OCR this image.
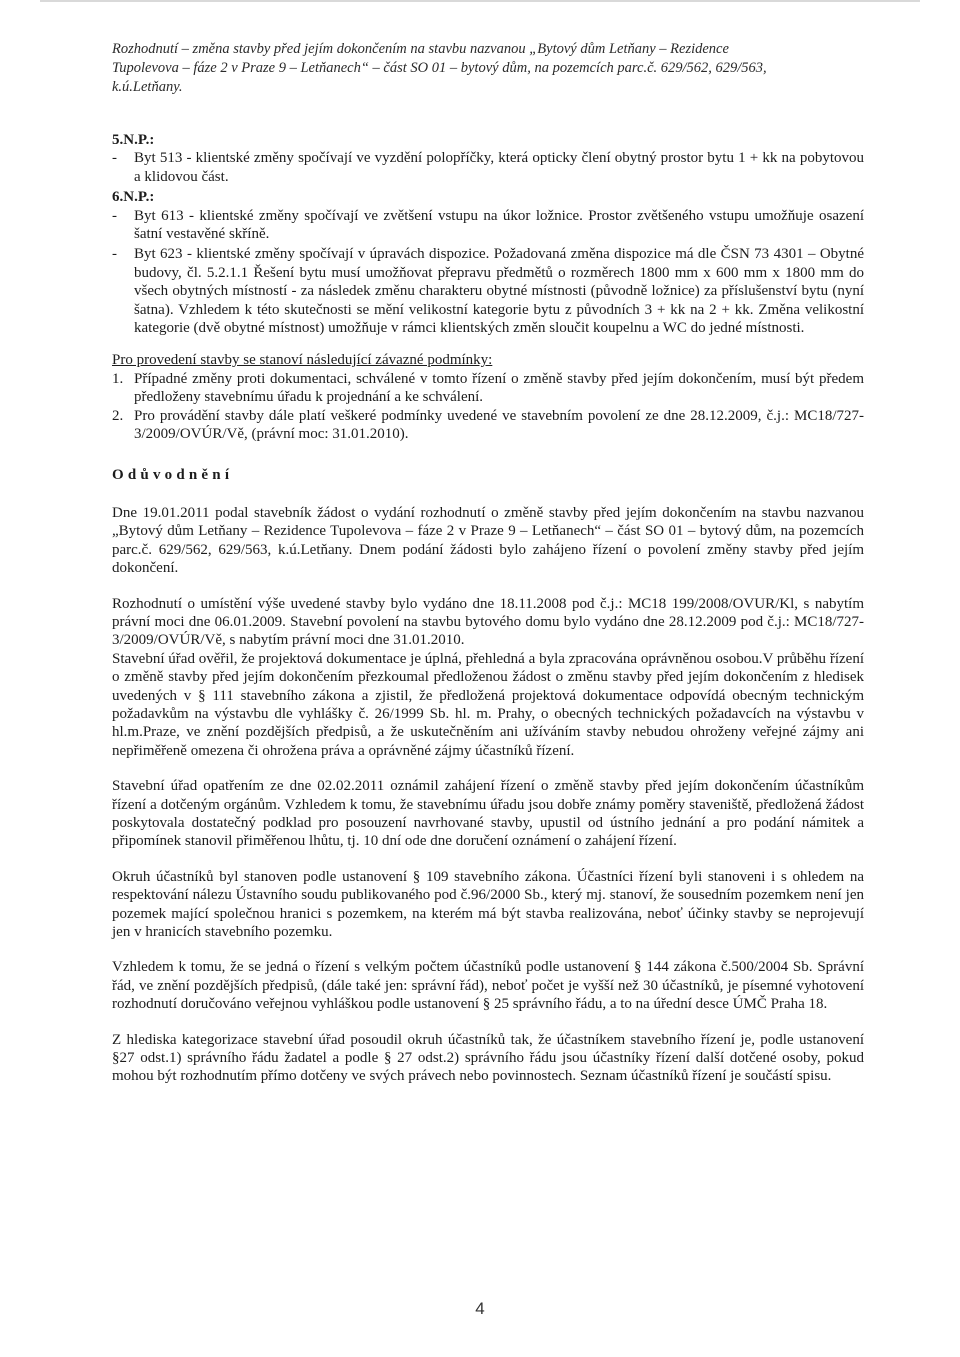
Rozhodnutí – změna stavby před jejím dokončením na stavbu nazvanou „Bytový dům Letňany – Rezidence
Tupolevova – fáze 2 v Praze 9 – Letňanech“ – část SO 01 – bytový dům, na pozemcích parc.č. 629/562, 629/563,
k.ú.Letňany.
5.N.P.:
-	Byt 513 - klientské změny spočívají ve vyzdění polopříčky, která opticky člení obytný prostor bytu 1 + kk na pobytovou a klidovou část.
6.N.P.:
-	Byt 613 - klientské změny spočívají ve zvětšení vstupu na úkor ložnice. Prostor zvětšeného vstupu umožňuje osazení šatní vestavěné skříně.
-	Byt 623 - klientské změny spočívají v úpravách dispozice. Požadovaná změna dispozice má dle ČSN 73 4301 – Obytné budovy, čl. 5.2.1.1 Řešení bytu musí umožňovat přepravu předmětů o rozměrech 1800 mm x 600 mm x 1800 mm do všech obytných místností - za následek změnu charakteru obytné místnosti (původně ložnice) za příslušenství bytu (nyní šatna). Vzhledem k této skutečnosti se mění velikostní kategorie bytu z původních 3 + kk na 2 + kk. Změna velikostní kategorie (dvě obytné místnost) umožňuje v rámci klientských změn sloučit koupelnu a WC do jedné místnosti.
Pro provedení stavby se stanoví následující závazné podmínky:
1. Případné změny proti dokumentaci, schválené v tomto řízení o změně stavby před jejím dokončením, musí být předem předloženy stavebnímu úřadu k projednání a ke schválení.
2. Pro provádění stavby dále platí veškeré podmínky uvedené ve stavebním povolení ze dne 28.12.2009, č.j.: MC18/727-3/2009/OVÚR/Vě, (právní moc: 31.01.2010).
Odůvodnění

Dne 19.01.2011 podal stavebník žádost o vydání rozhodnutí o změně stavby před jejím dokončením na stavbu nazvanou „Bytový dům Letňany – Rezidence Tupolevova – fáze 2 v Praze 9 – Letňanech“ – část SO 01 – bytový dům, na pozemcích parc.č. 629/562, 629/563, k.ú.Letňany. Dnem podání žádosti bylo zahájeno řízení o povolení změny stavby před jejím dokončení.

Rozhodnutí o umístění výše uvedené stavby bylo vydáno dne 18.11.2008 pod č.j.: MC18 199/2008/OVUR/Kl, s nabytím právní moci dne 06.01.2009. Stavební povolení na stavbu bytového domu bylo vydáno dne 28.12.2009 pod č.j.: MC18/727-3/2009/OVÚR/Vě, s nabytím právní moci dne 31.01.2010.

Stavební úřad ověřil, že projektová dokumentace je úplná, přehledná a byla zpracována oprávněnou osobou.V průběhu řízení o změně stavby před jejím dokončením přezkoumal předloženou žádost o změnu stavby před jejím dokončením z hledisek uvedených v § 111 stavebního zákona a zjistil, že předložená projektová dokumentace odpovídá obecným technickým požadavkům na výstavbu dle vyhlášky č. 26/1999 Sb. hl. m. Prahy, o obecných technických požadavcích na výstavbu v hl.m.Praze, ve znění pozdějších předpisů, a že uskutečněním ani užíváním stavby nebudou ohroženy veřejné zájmy ani nepřiměřeně omezena či ohrožena práva a oprávněné zájmy účastníků řízení.

Stavební úřad opatřením ze dne 02.02.2011 oznámil zahájení řízení o změně stavby před jejím dokončením účastníkům řízení a dotčeným orgánům. Vzhledem k tomu, že stavebnímu úřadu jsou dobře známy poměry staveniště, předložená žádost poskytovala dostatečný podklad pro posouzení navrhované stavby, upustil od ústního jednání a pro podání námitek a připomínek stanovil přiměřenou lhůtu, tj. 10 dní ode dne doručení oznámení o zahájení řízení.

Okruh účastníků byl stanoven podle ustanovení § 109 stavebního zákona. Účastníci řízení byli stanoveni i s ohledem na respektování nálezu Ústavního soudu publikovaného pod č.96/2000 Sb., který mj. stanoví, že sousedním pozemkem není jen pozemek mající společnou hranici s pozemkem, na kterém má být stavba realizována, neboť účinky stavby se neprojevují jen v hranicích stavebního pozemku.

Vzhledem k tomu, že se jedná o řízení s velkým počtem účastníků podle ustanovení § 144 zákona č.500/2004 Sb. Správní řád, ve znění pozdějších předpisů, (dále také jen: správní řád), neboť počet je vyšší než 30 účastníků, je písemné vyhotovení rozhodnutí doručováno veřejnou vyhláškou podle ustanovení § 25 správního řádu, a to na úřední desce ÚMČ Praha 18.

Z hlediska kategorizace stavební úřad posoudil okruh účastníků tak, že účastníkem stavebního řízení je, podle ustanovení §27 odst.1) správního řádu žadatel a podle § 27 odst.2) správního řádu jsou účastníky řízení další dotčené osoby, pokud mohou být rozhodnutím přímo dotčeny ve svých právech nebo povinnostech. Seznam účastníků řízení je součástí spisu.

4
